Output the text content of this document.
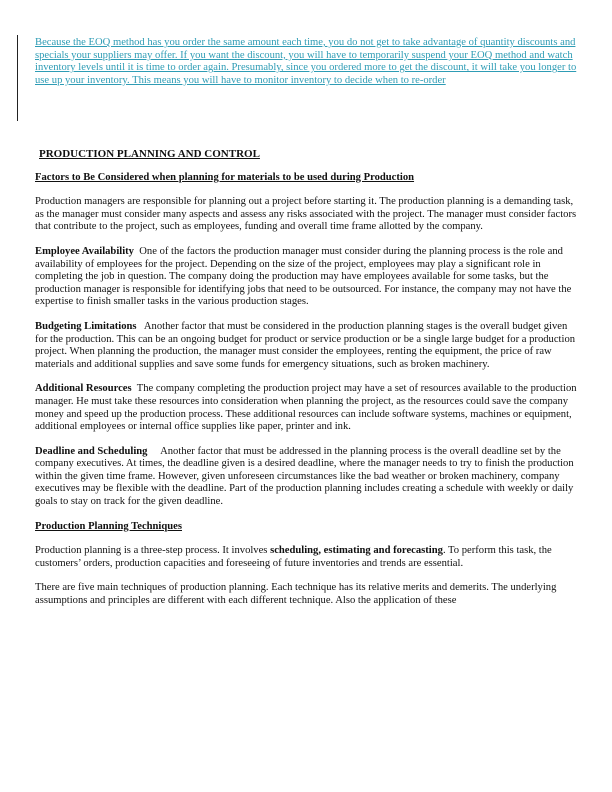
Because the EOQ method has you order the same amount each time, you do not get to take advantage of quantity discounts and specials your suppliers may offer. If you want the discount, you will have to temporarily suspend your EOQ method and watch inventory levels until it is time to order again. Presumably, since you ordered more to get the discount, it will take you longer to use up your inventory. This means you will have to monitor inventory to decide when to re-order
PRODUCTION PLANNING AND CONTROL
Factors to Be Considered when planning for materials to be used during Production

Production managers are responsible for planning out a project before starting it. The production planning is a demanding task, as the manager must consider many aspects and assess any risks associated with the project. The manager must consider factors that contribute to the project, such as employees, funding and overall time frame allotted by the company.

Employee Availability  One of the factors the production manager must consider during the planning process is the role and availability of employees for the project. Depending on the size of the project, employees may play a significant role in completing the job in question. The company doing the production may have employees available for some tasks, but the production manager is responsible for identifying jobs that need to be outsourced. For instance, the company may not have the expertise to finish smaller tasks in the various production stages.

Budgeting Limitations   Another factor that must be considered in the production planning stages is the overall budget given for the production. This can be an ongoing budget for product or service production or be a single large budget for a production project. When planning the production, the manager must consider the employees, renting the equipment, the price of raw materials and additional supplies and save some funds for emergency situations, such as broken machinery.

Additional Resources  The company completing the production project may have a set of resources available to the production manager. He must take these resources into consideration when planning the project, as the resources could save the company money and speed up the production process. These additional resources can include software systems, machines or equipment, additional employees or internal office supplies like paper, printer and ink.

Deadline and Scheduling     Another factor that must be addressed in the planning process is the overall deadline set by the company executives. At times, the deadline given is a desired deadline, where the manager needs to try to finish the production within the given time frame. However, given unforeseen circumstances like the bad weather or broken machinery, company executives may be flexible with the deadline. Part of the production planning includes creating a schedule with weekly or daily goals to stay on track for the given deadline.

Production Planning Techniques

Production planning is a three-step process. It involves scheduling, estimating and forecasting. To perform this task, the customers’ orders, production capacities and foreseeing of future inventories and trends are essential.

There are five main techniques of production planning. Each technique has its relative merits and demerits. The underlying assumptions and principles are different with each different technique. Also the application of these
